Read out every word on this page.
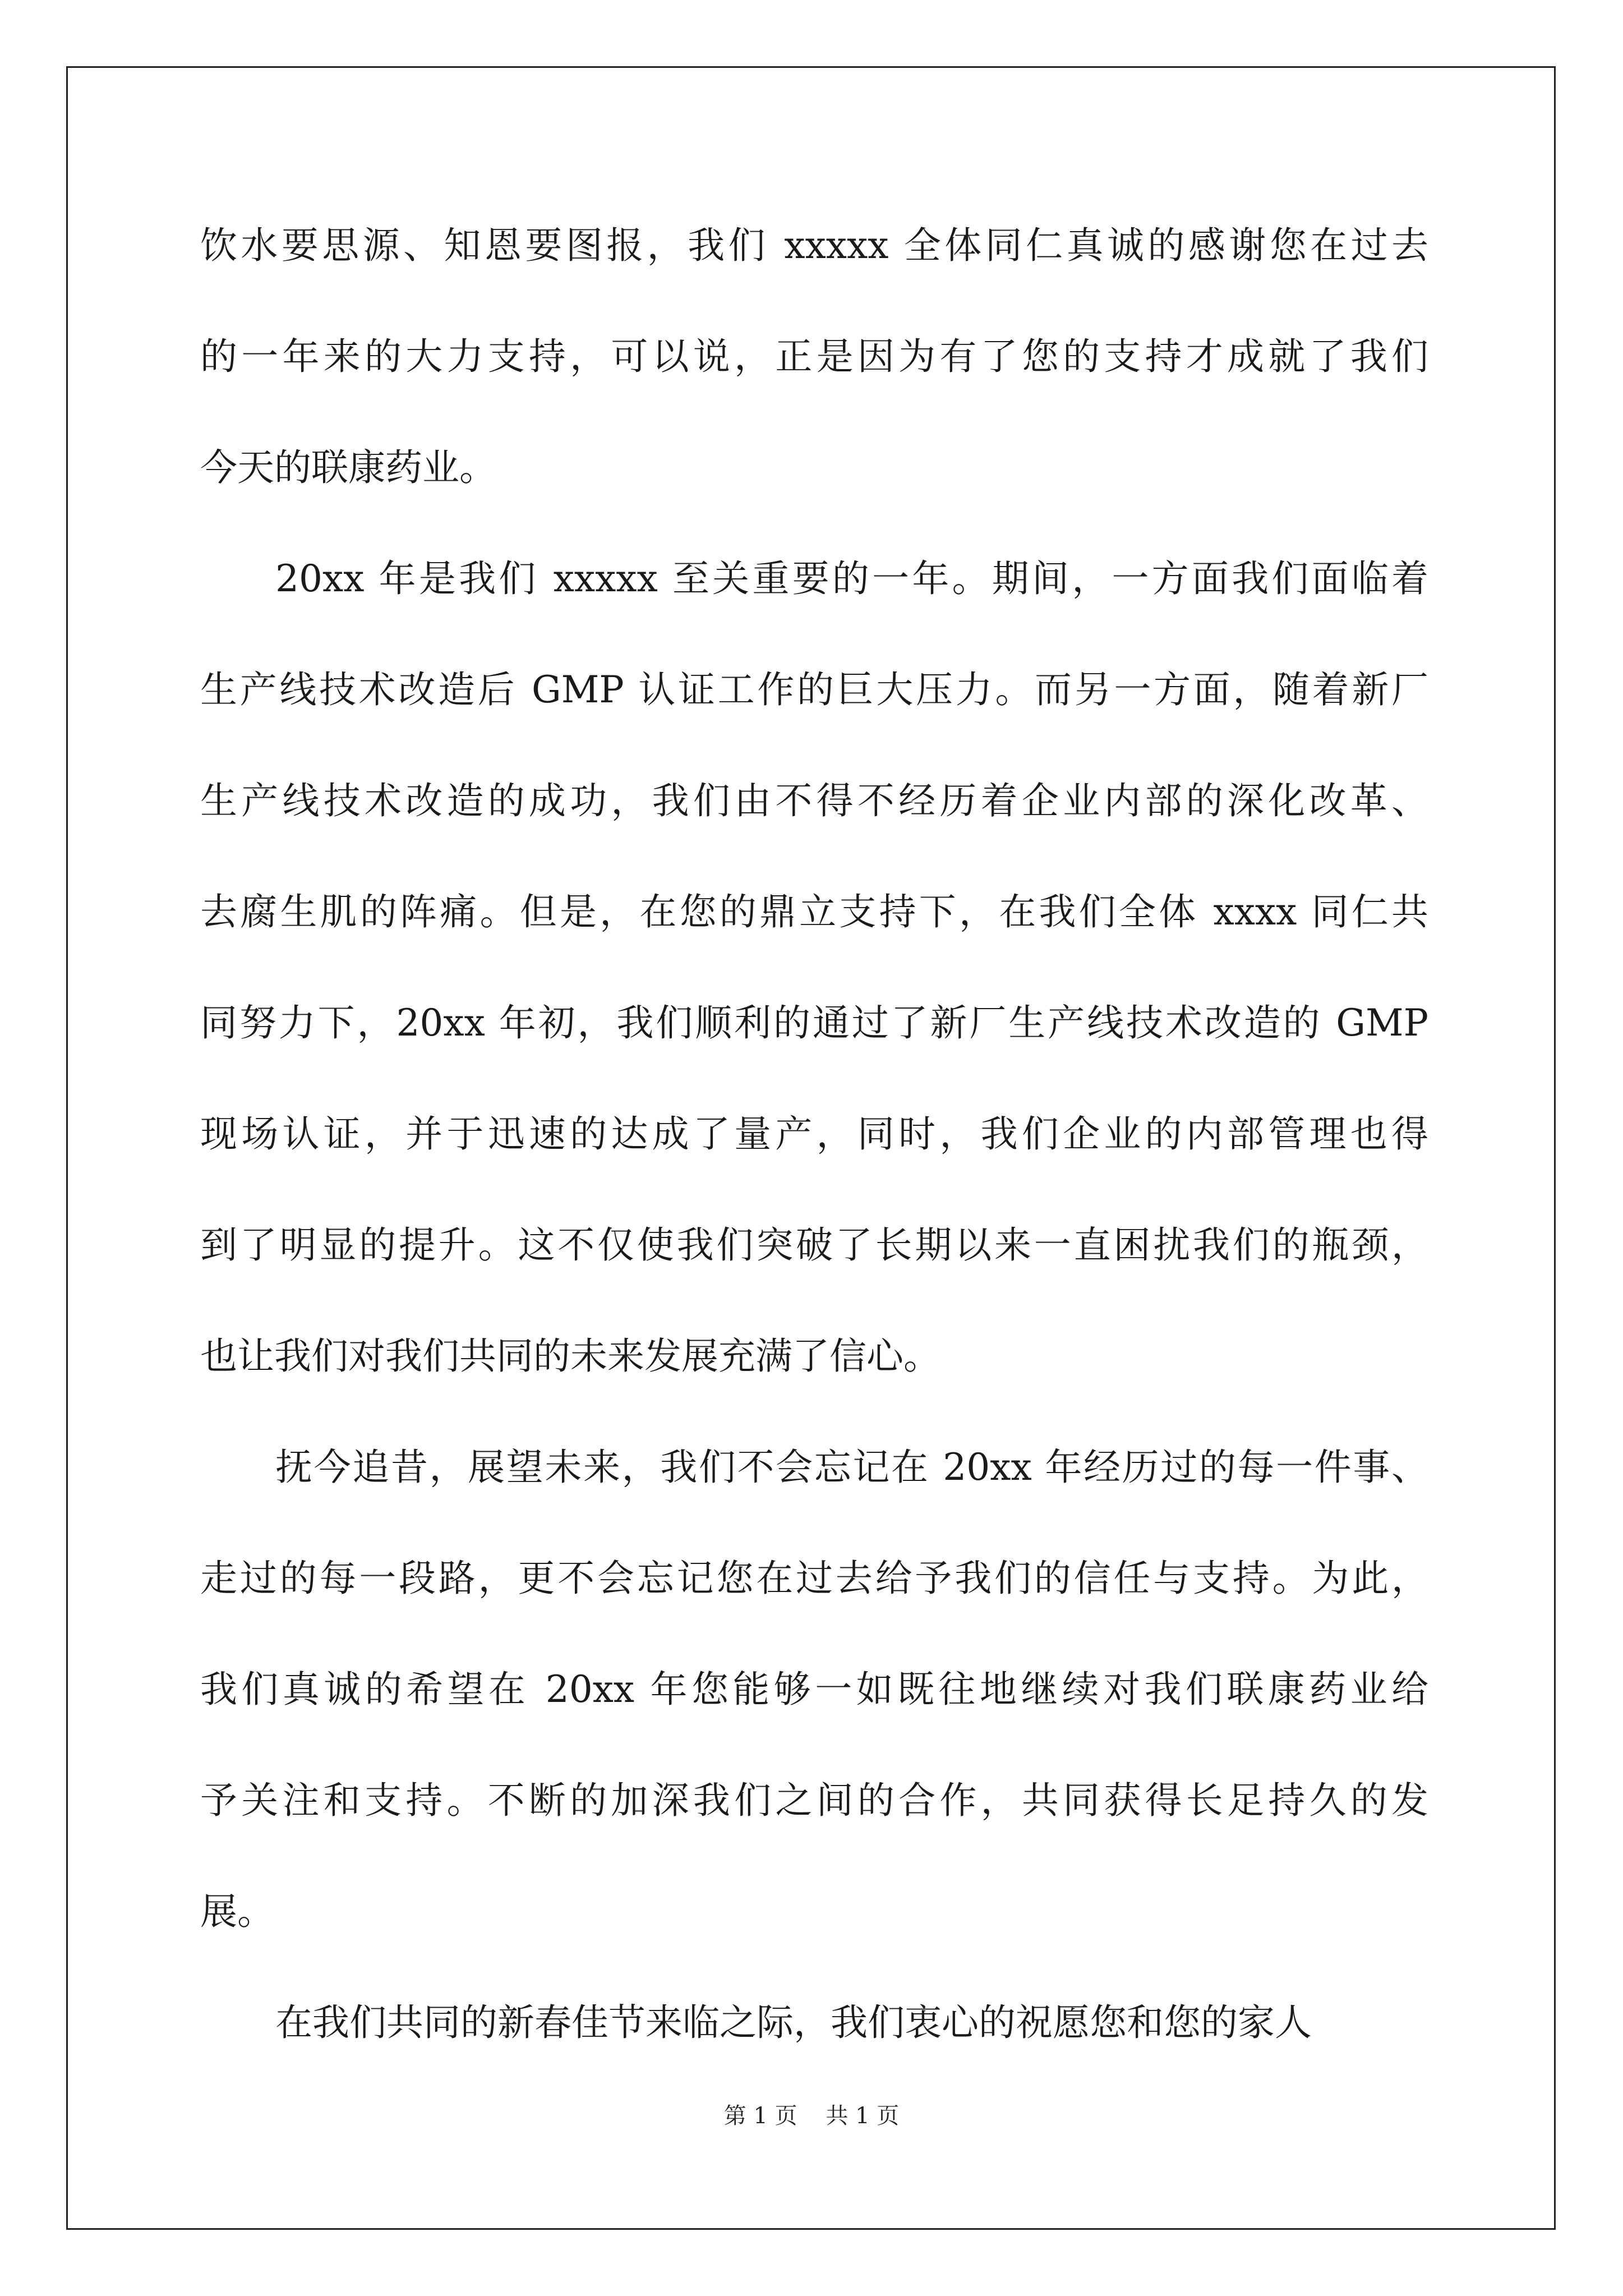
饮水要思源、知恩要图报，我们 xxxxx 全体同仁真诚的感谢您在过去
的一年来的大力支持，可以说，正是因为有了您的支持才成就了我们
今天的联康药业。
20xx 年是我们 xxxxx 至关重要的一年。期间，一方面我们面临着
生产线技术改造后 GMP 认证工作的巨大压力。而另一方面，随着新厂
生产线技术改造的成功，我们由不得不经历着企业内部的深化改革、
去腐生肌的阵痛。但是，在您的鼎立支持下，在我们全体 xxxx 同仁共
同努力下，20xx 年初，我们顺利的通过了新厂生产线技术改造的 GMP
现场认证，并于迅速的达成了量产，同时，我们企业的内部管理也得
到了明显的提升。这不仅使我们突破了长期以来一直困扰我们的瓶颈，
也让我们对我们共同的未来发展充满了信心。
抚今追昔，展望未来，我们不会忘记在 20xx 年经历过的每一件事、
走过的每一段路，更不会忘记您在过去给予我们的信任与支持。为此，
我们真诚的希望在 20xx 年您能够一如既往地继续对我们联康药业给
予关注和支持。不断的加深我们之间的合作，共同获得长足持久的发
展。
在我们共同的新春佳节来临之际，我们衷心的祝愿您和您的家人
第 1 页    共 1 页
